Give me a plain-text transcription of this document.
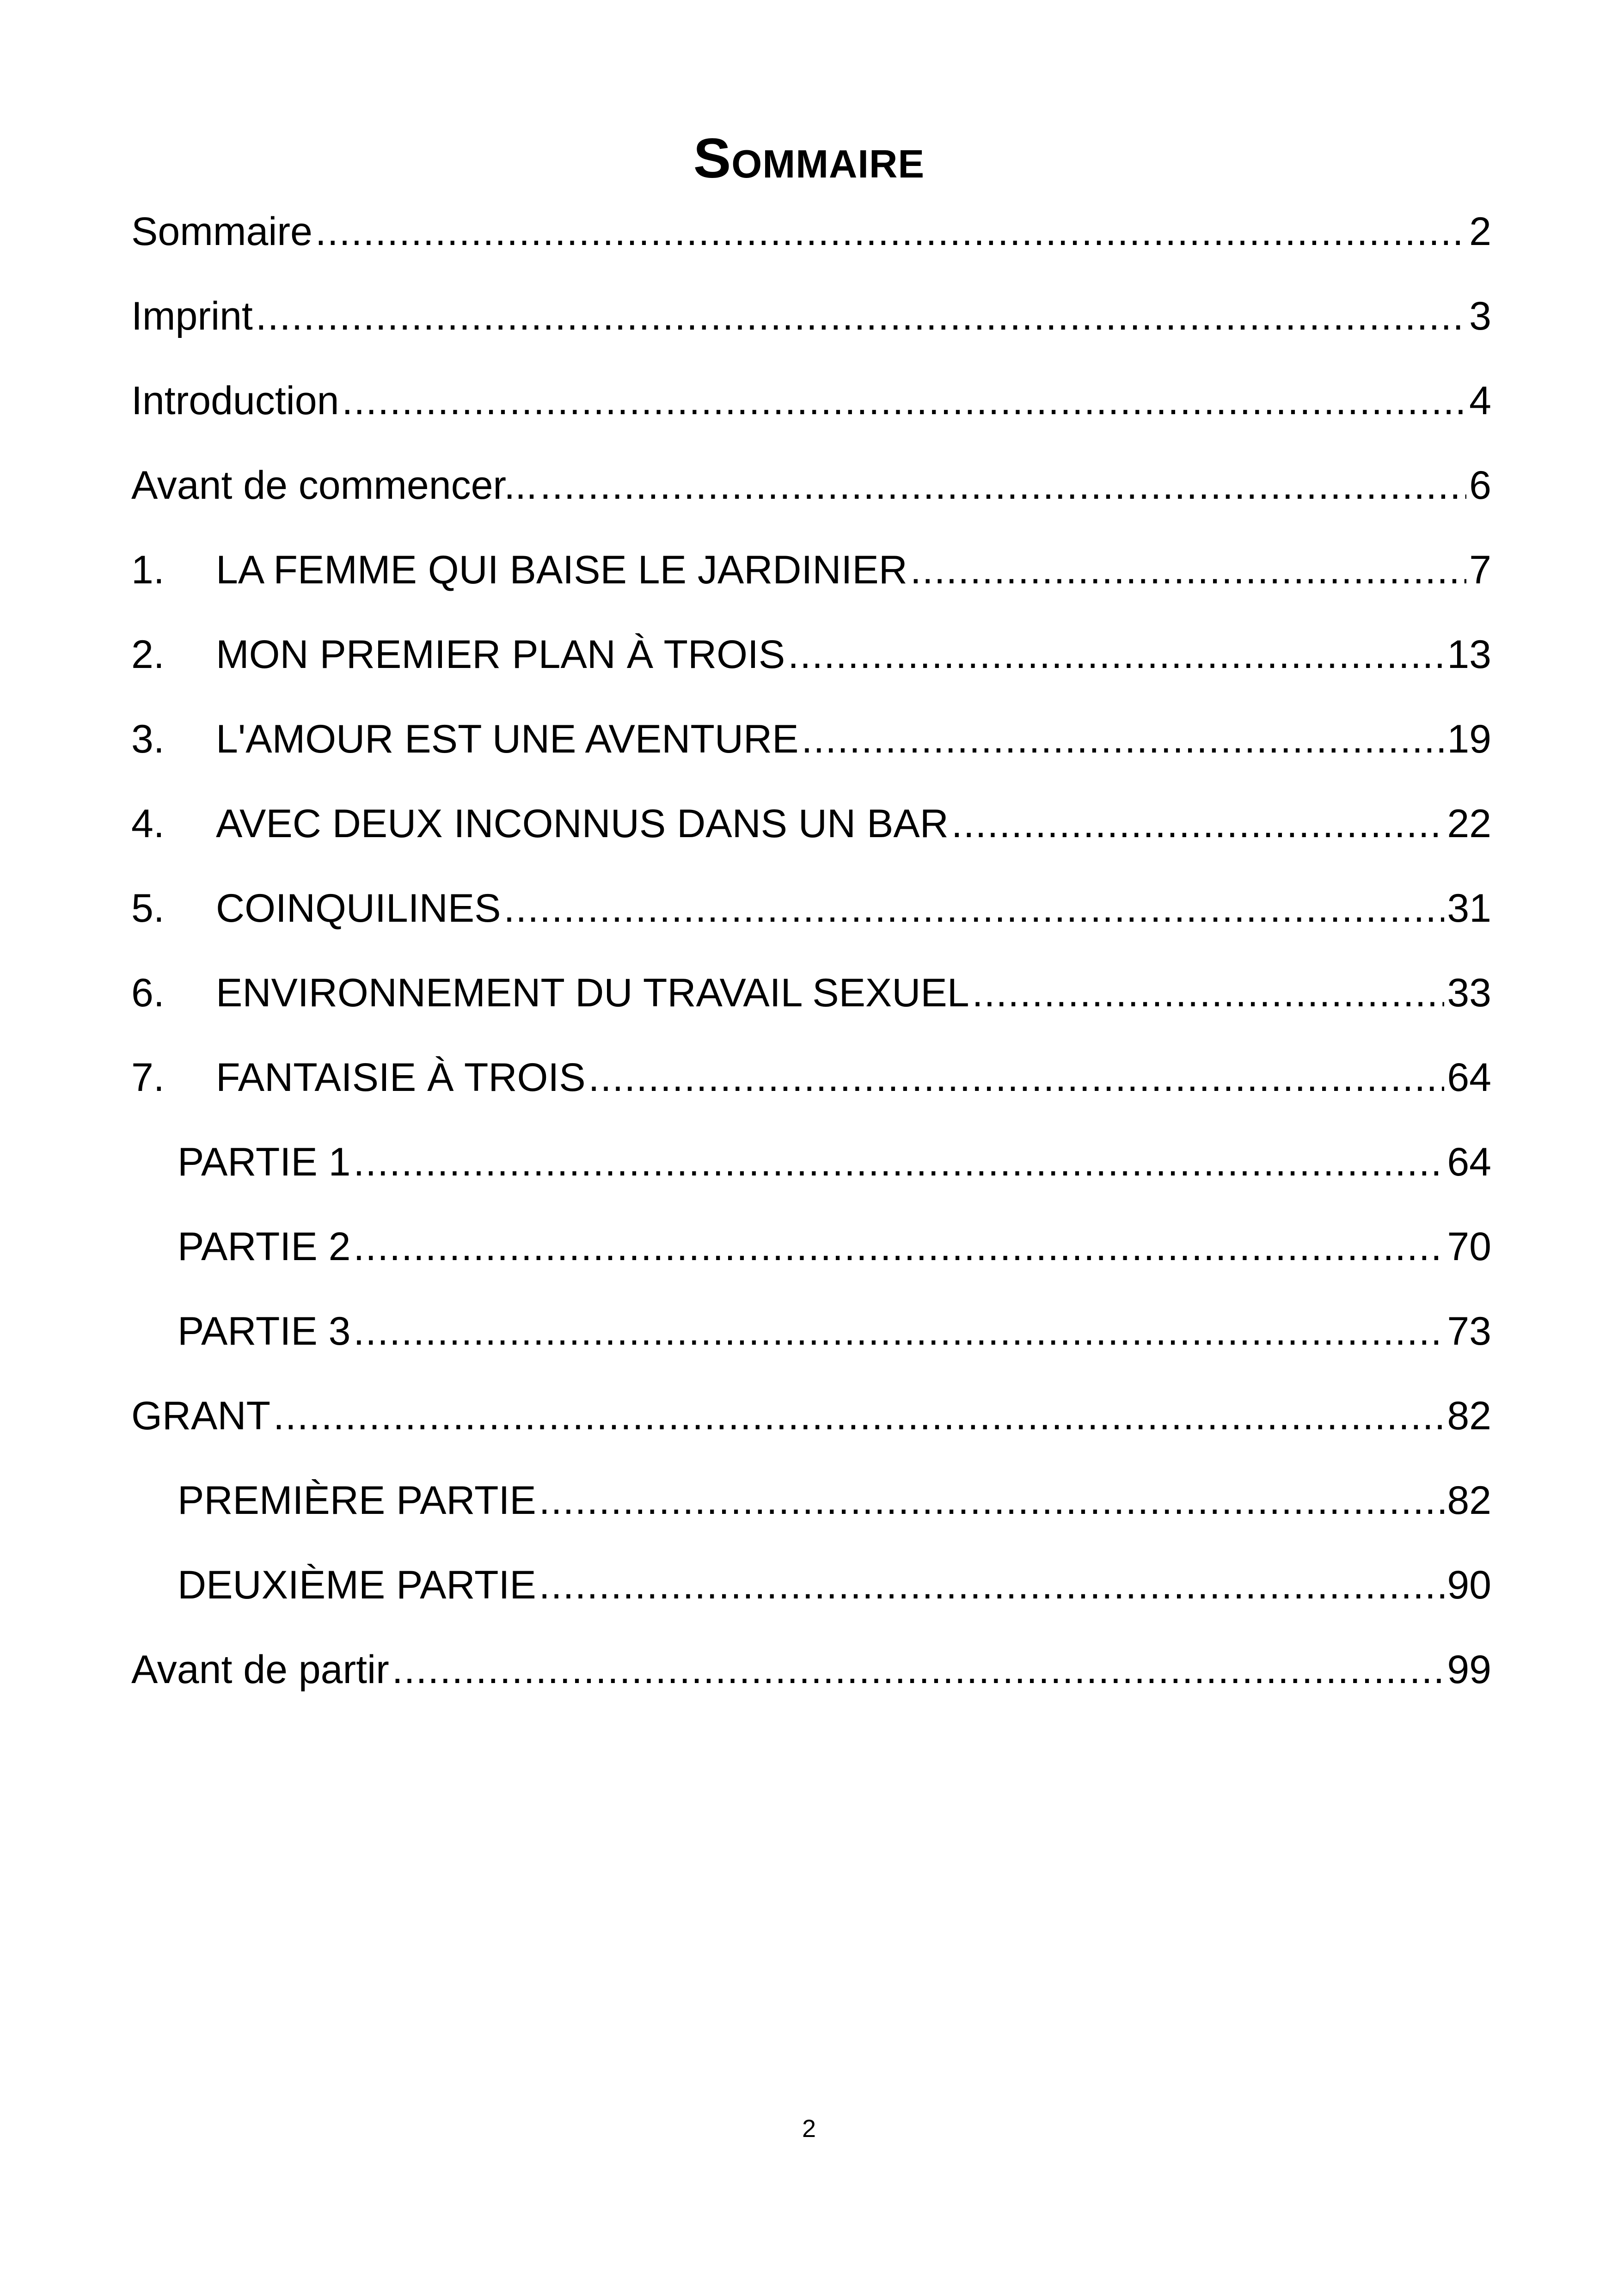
Sommaire
Sommaire .....	2
Imprint .....	3
Introduction .....	4
Avant de commencer... .....	6
1.	LA FEMME QUI BAISE LE JARDINIER .....	7
2.	MON PREMIER PLAN À TROIS .....	13
3.	L'AMOUR EST UNE AVENTURE .....	19
4.	AVEC DEUX INCONNUS DANS UN BAR .....	22
5.	COINQUILINES .....	31
6.	ENVIRONNEMENT DU TRAVAIL SEXUEL .....	33
7.	FANTAISIE À TROIS .....	64
PARTIE 1 .....	64
PARTIE 2 .....	70
PARTIE 3 .....	73
GRANT .....	82
PREMIÈRE PARTIE .....	82
DEUXIÈME PARTIE .....	90
Avant de partir .....	99
2
